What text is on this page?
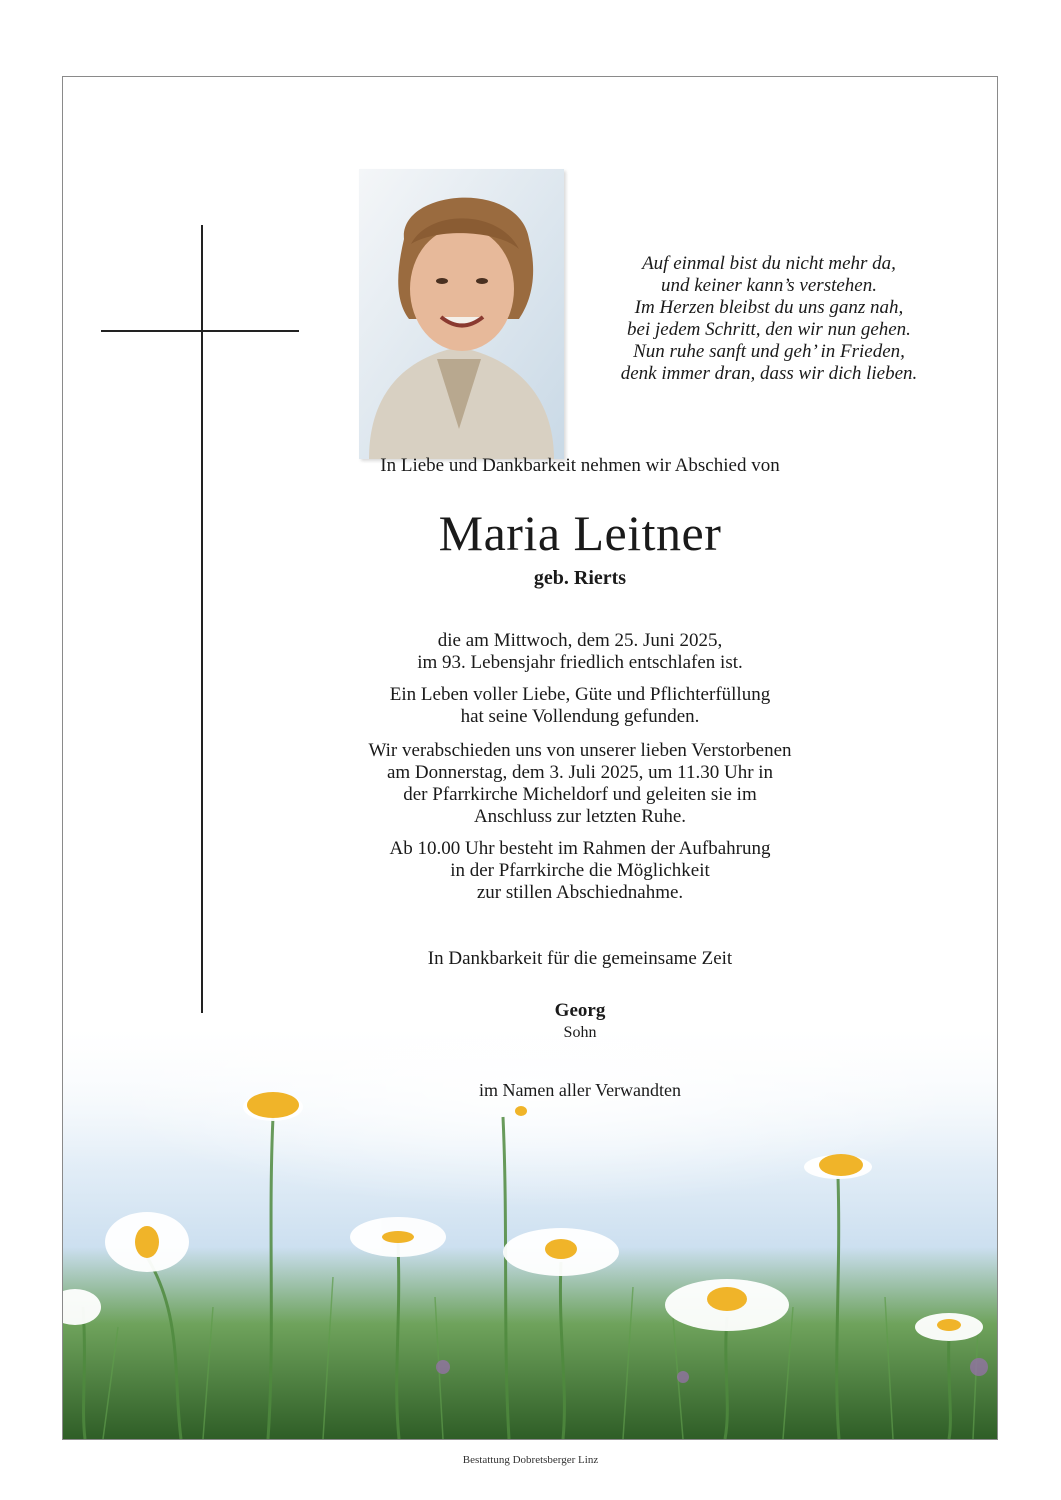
Auf einmal bist du nicht mehr da,
und keiner kann’s verstehen.
Im Herzen bleibst du uns ganz nah,
bei jedem Schritt, den wir nun gehen.
Nun ruhe sanft und geh’ in Frieden,
denk immer dran, dass wir dich lieben.
In Liebe und Dankbarkeit nehmen wir Abschied von
Maria Leitner
geb. Rierts
die am Mittwoch, dem 25. Juni 2025,
im 93. Lebensjahr friedlich entschlafen ist.
Ein Leben voller Liebe, Güte und Pflichterfüllung
hat seine Vollendung gefunden.
Wir verabschieden uns von unserer lieben Verstorbenen
am Donnerstag, dem 3. Juli 2025, um 11.30 Uhr in
der Pfarrkirche Micheldorf und geleiten sie im
Anschluss zur letzten Ruhe.
Ab 10.00 Uhr besteht im Rahmen der Aufbahrung
in der Pfarrkirche die Möglichkeit
zur stillen Abschiednahme.
In Dankbarkeit für die gemeinsame Zeit
Georg
Sohn
im Namen aller Verwandten
Bestattung Dobretsberger Linz
